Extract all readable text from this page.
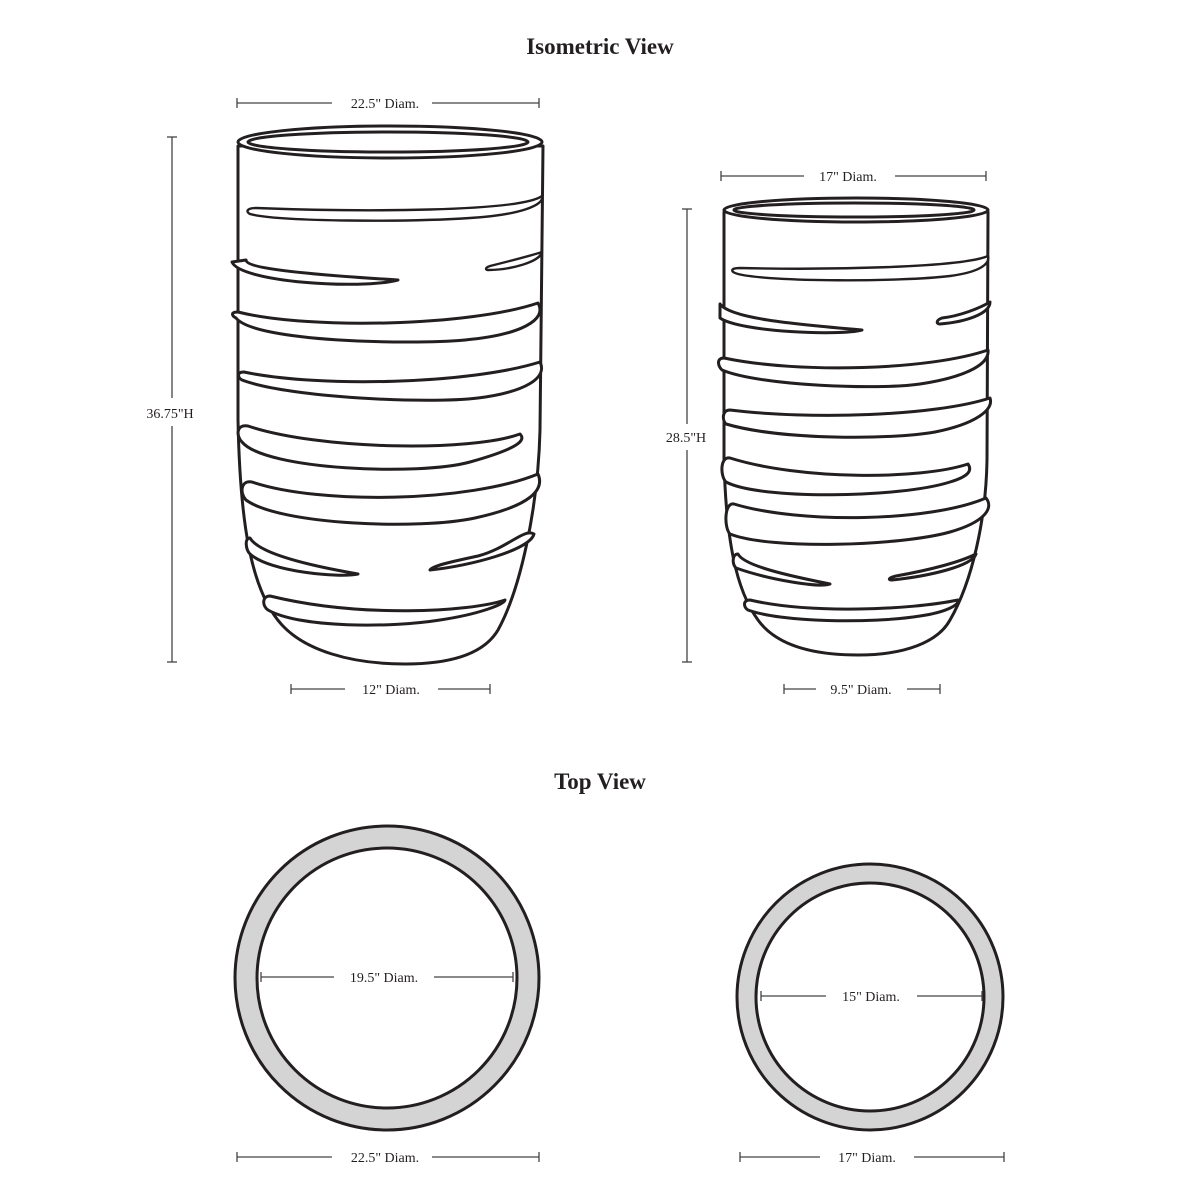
Isometric View
Top View
22.5" Diam.
36.75"H
12" Diam.
17" Diam.
28.5"H
9.5" Diam.
19.5" Diam.
22.5" Diam.
15" Diam.
17" Diam.
